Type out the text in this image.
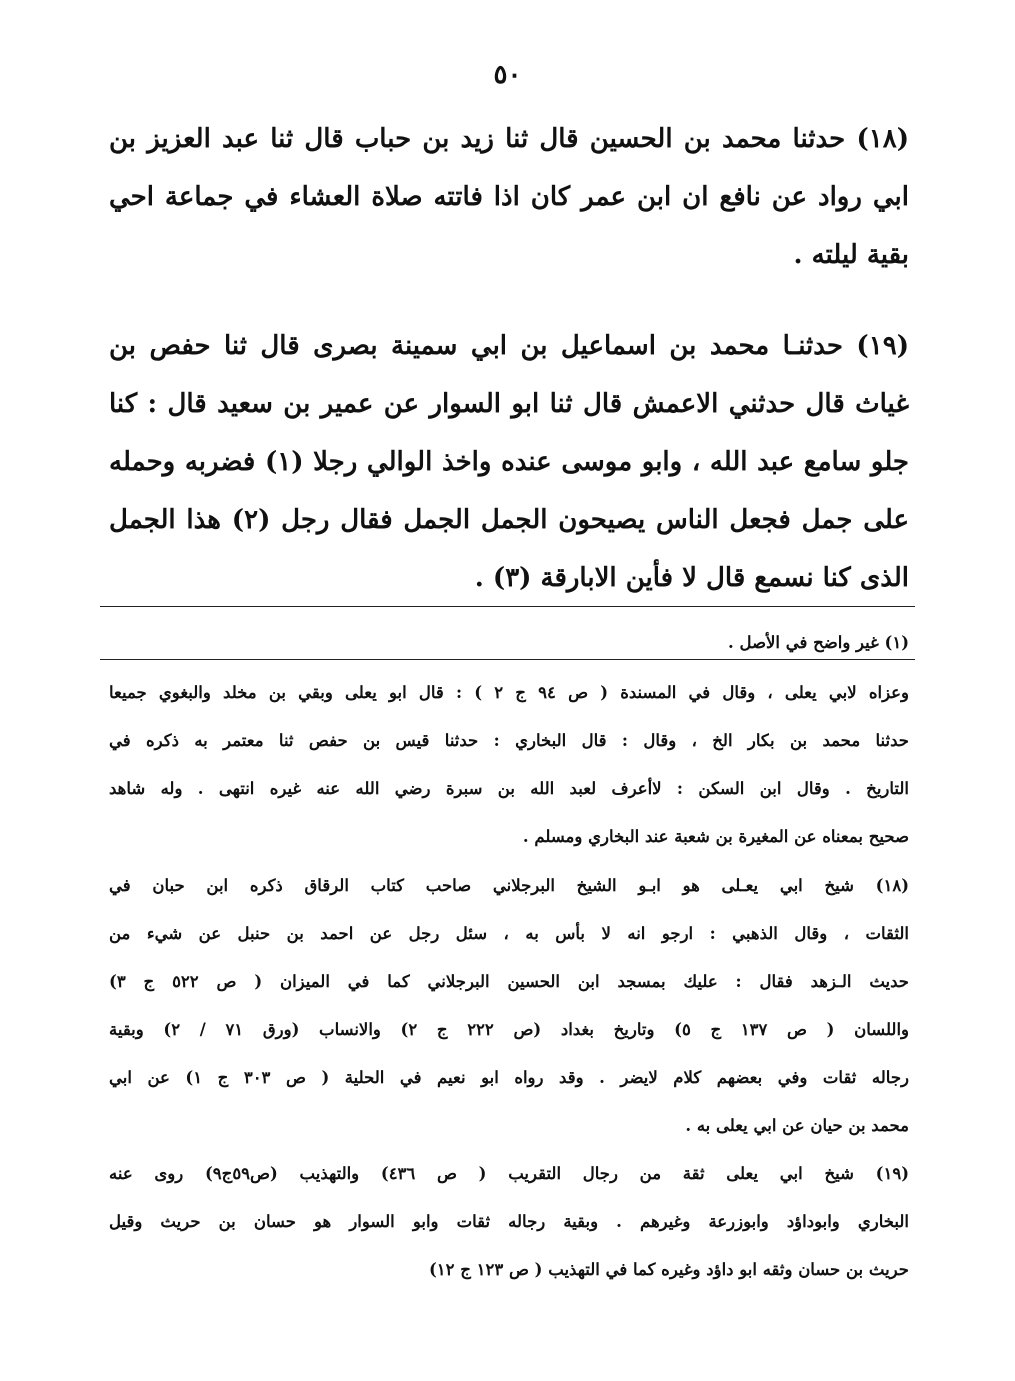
٥٠
(١٨) حدثنا محمد بن الحسين قال ثنا زيد بن حباب قال ثنا عبد العزيز بن
ابي رواد عن نافع ان ابن عمر كان اذا فاتته صلاة العشاء في جماعة احي
بقية ليلته .
(١٩) حدثنـا محمد بن اسماعيل بن ابي سمينة بصرى قال ثنا حفص بن
غياث قال حدثني الاعمش قال ثنا ابو السوار عن عمير بن سعيد قال : كنا
جلو سامع عبد الله ، وابو موسى عنده واخذ الوالي رجلا (١) فضربه وحمله
على جمل فجعل الناس يصيحون الجمل الجمل فقال رجل (٢) هذا الجمل
الذى كنا نسمع قال لا فأين الابارقة (٣) .
(١) غير واضح في الأصل .
وعزاه لابي يعلى ، وقال في المسندة ( ص ٩٤ ج ٢ ) : قال ابو يعلى وبقي بن مخلد والبغوي جميعا
حدثنا محمد بن بكار الخ ، وقال : قال البخاري : حدثنا قيس بن حفص ثنا معتمر به ذكره في
التاريخ . وقال ابن السكن : لاأعرف لعبد الله بن سبرة رضي الله عنه غيره انتهى . وله شاهد
صحيح بمعناه عن المغيرة بن شعبة عند البخاري ومسلم .
(١٨) شيخ ابي يعـلى هو ابـو الشيخ البرجلاني صاحب كتاب الرقاق ذكره ابن حبان في
الثقات ، وقال الذهبي : ارجو انه لا بأس به ، سئل رجل عن احمد بن حنبل عن شيء من
حديث الـزهد فقال : عليك بمسجد ابن الحسين البرجلاني كما في الميزان ( ص ٥٢٢ ج ٣)
واللسان ( ص ١٣٧ ج ٥) وتاريخ بغداد (ص ٢٢٢ ج ٢) والانساب (ورق ٧١ / ٢) وبقية
رجاله ثقات وفي بعضهم كلام لايضر . وقد رواه ابو نعيم في الحلية ( ص ٣٠٣ ج ١) عن ابي
محمد بن حيان عن ابي يعلى به .
(١٩) شيخ ابي يعلى ثقة من رجال التقريب ( ص ٤٣٦) والتهذيب (ص٥٩ج٩) روى عنه
البخاري وابوداؤد وابوزرعة وغيرهم . وبقية رجاله ثقات وابو السوار هو حسان بن حريث وقيل
حريث بن حسان وثقه ابو داؤد وغيره كما في التهذيب ( ص ١٢٣ ج ١٢)
